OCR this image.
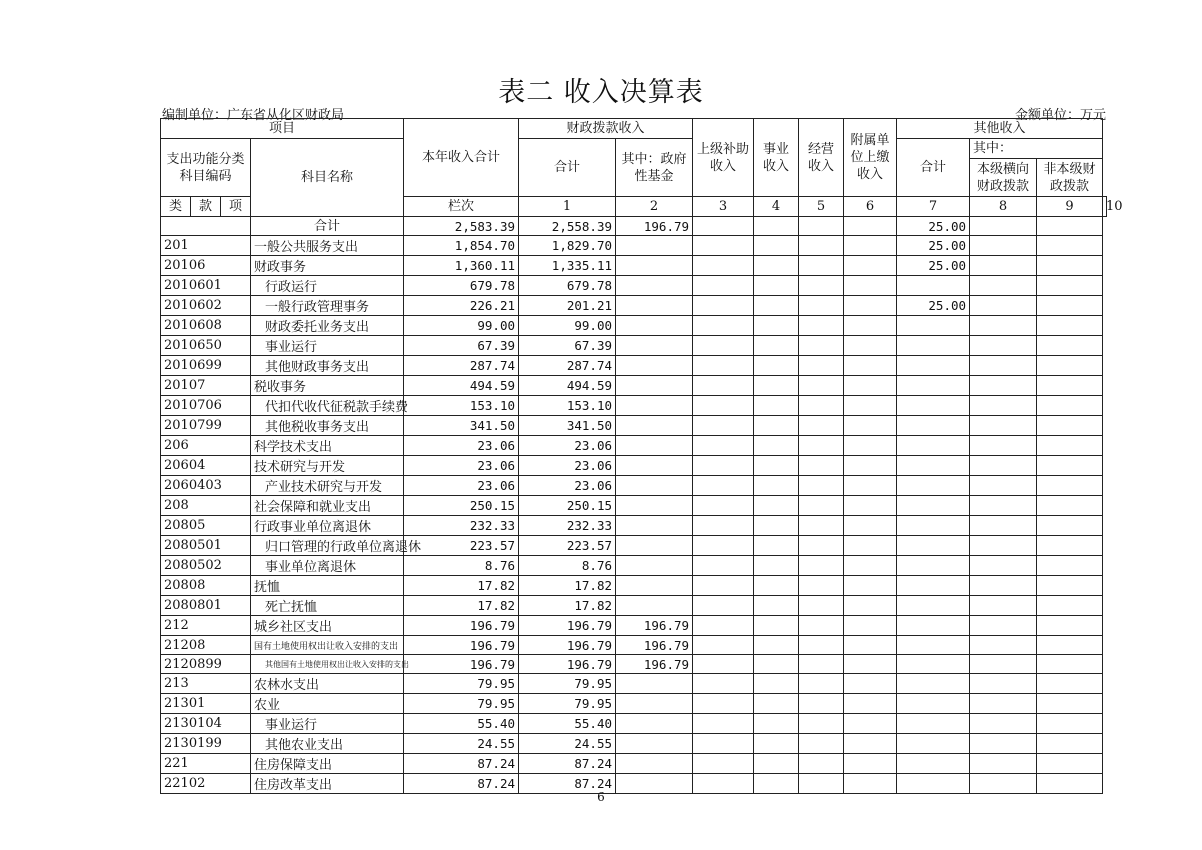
表二 收入决算表
编制单位：广东省从化区财政局	金额单位：万元
项目				本年收入合计	财政拨款收入		上级补助收入	事业收入	经营收入	附属单位上缴收入	其他收入			
支出功能分类科目编码			科目名称		合计	其中：政府性基金					合计	其中：		
												本级横向财政拨款	非本级财政拨款	
类	款	项		栏次	1	2	3	4	5	6	7	8	9	10
			合计	2,583.39	2,558.39	196.79					25.00			
201			一般公共服务支出	1,854.70	1,829.70						25.00			
20106			财政事务	1,360.11	1,335.11						25.00			
2010601			行政运行	679.78	679.78									
2010602			一般行政管理事务	226.21	201.21						25.00			
2010608			财政委托业务支出	99.00	99.00									
2010650			事业运行	67.39	67.39									
2010699			其他财政事务支出	287.74	287.74									
20107			税收事务	494.59	494.59									
2010706			代扣代收代征税款手续费	153.10	153.10									
2010799			其他税收事务支出	341.50	341.50									
206			科学技术支出	23.06	23.06									
20604			技术研究与开发	23.06	23.06									
2060403			产业技术研究与开发	23.06	23.06									
208			社会保障和就业支出	250.15	250.15									
20805			行政事业单位离退休	232.33	232.33									
2080501			归口管理的行政单位离退休	223.57	223.57									
2080502			事业单位离退休	8.76	8.76									
20808			抚恤	17.82	17.82									
2080801			死亡抚恤	17.82	17.82									
212			城乡社区支出	196.79	196.79	196.79								
21208			国有土地使用权出让收入安排的支出	196.79	196.79	196.79								
2120899			其他国有土地使用权出让收入安排的支出	196.79	196.79	196.79								
213			农林水支出	79.95	79.95									
21301			农业	79.95	79.95									
2130104			事业运行	55.40	55.40									
2130199			其他农业支出	24.55	24.55									
221			住房保障支出	87.24	87.24									
22102			住房改革支出	87.24	87.24									
6
